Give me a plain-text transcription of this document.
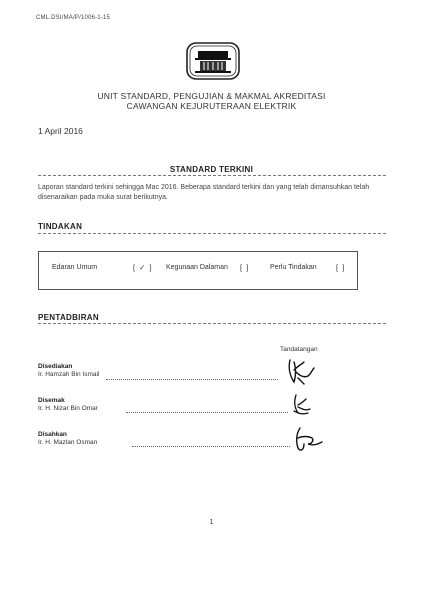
CML.DSI/MA/P/1006-1-15
UNIT STANDARD, PENGUJIAN & MAKMAL AKREDITASI
CAWANGAN KEJURUTERAAN ELEKTRIK
1 April 2016
STANDARD TERKINI
Laporan standard terkini sehingga Mac 2016. Beberapa standard terkini dan yang telah dimansuhkan telah disenaraikan pada muka surat berikutnya.
TINDAKAN
Edaran Umum	[ ✓ ] Kegunaan Dalaman [ ]	Perlu Tindakan	[ ]
PENTADBIRAN
Tandatangan
Disediakan
Ir. Hamzah Bin Ismail
Disemak
Ir. H. Nizar Bin Omar
Disahkan
Ir. H. Mazlan Osman
1
